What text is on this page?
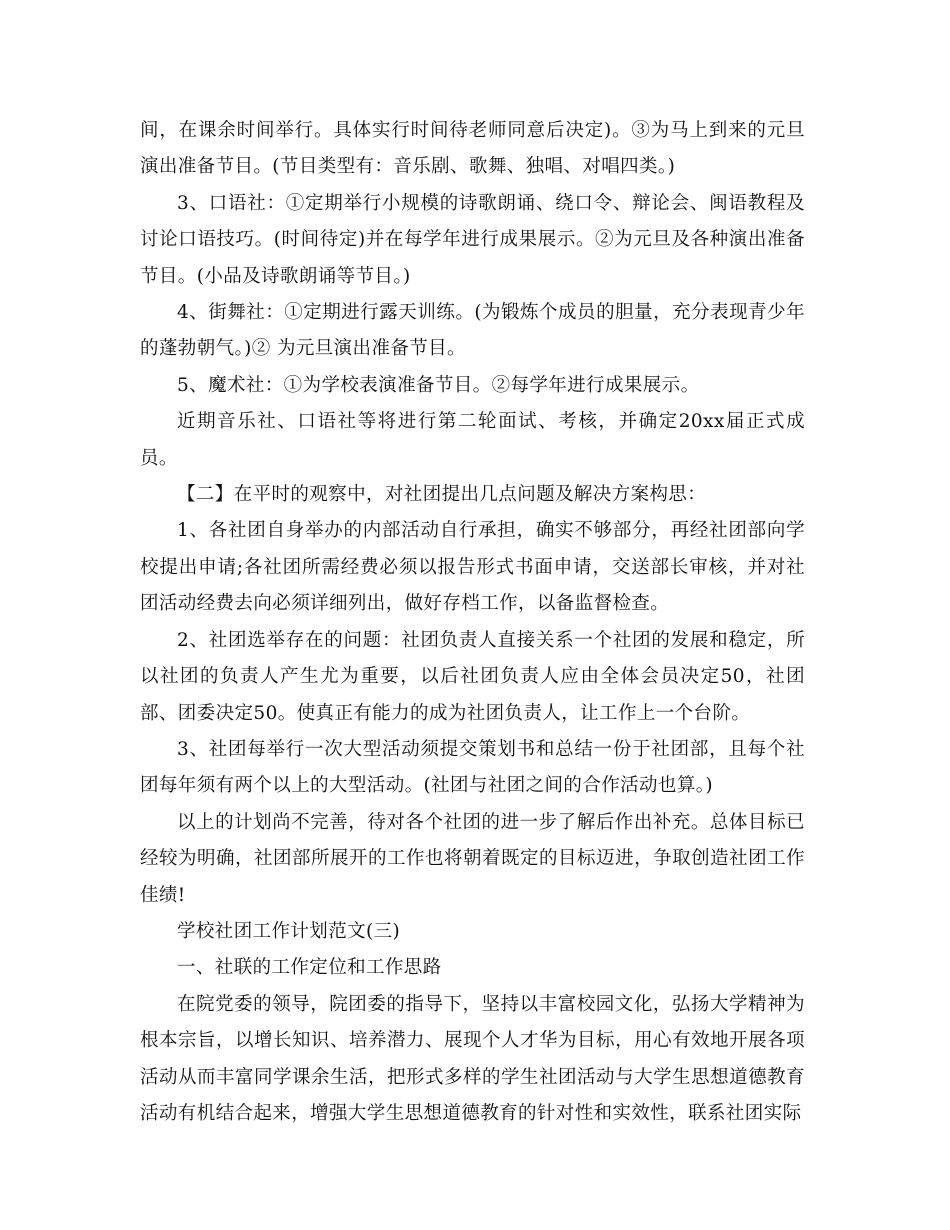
间，在课余时间举行。具体实行时间待老师同意后决定)。③为马上到来的元旦演出准备节目。(节目类型有：音乐剧、歌舞、独唱、对唱四类。)

3、口语社：①定期举行小规模的诗歌朗诵、绕口令、辩论会、闽语教程及讨论口语技巧。(时间待定)并在每学年进行成果展示。②为元旦及各种演出准备节目。(小品及诗歌朗诵等节目。)

4、街舞社：①定期进行露天训练。(为锻炼个成员的胆量，充分表现青少年的蓬勃朝气。)② 为元旦演出准备节目。

5、魔术社：①为学校表演准备节目。②每学年进行成果展示。

近期音乐社、口语社等将进行第二轮面试、考核，并确定20xx届正式成员。

【二】在平时的观察中，对社团提出几点问题及解决方案构思：

1、各社团自身举办的内部活动自行承担，确实不够部分，再经社团部向学校提出申请;各社团所需经费必须以报告形式书面申请，交送部长审核，并对社团活动经费去向必须详细列出，做好存档工作，以备监督检查。

2、社团选举存在的问题：社团负责人直接关系一个社团的发展和稳定，所以社团的负责人产生尤为重要，以后社团负责人应由全体会员决定50，社团部、团委决定50。使真正有能力的成为社团负责人，让工作上一个台阶。

3、社团每举行一次大型活动须提交策划书和总结一份于社团部，且每个社团每年须有两个以上的大型活动。(社团与社团之间的合作活动也算。)

以上的计划尚不完善，待对各个社团的进一步了解后作出补充。总体目标已经较为明确，社团部所展开的工作也将朝着既定的目标迈进，争取创造社团工作佳绩!

学校社团工作计划范文(三)

一、社联的工作定位和工作思路

在院党委的领导，院团委的指导下，坚持以丰富校园文化，弘扬大学精神为根本宗旨，以增长知识、培养潜力、展现个人才华为目标，用心有效地开展各项活动从而丰富同学课余生活，把形式多样的学生社团活动与大学生思想道德教育活动有机结合起来，增强大学生思想道德教育的针对性和实效性，联系社团实际
